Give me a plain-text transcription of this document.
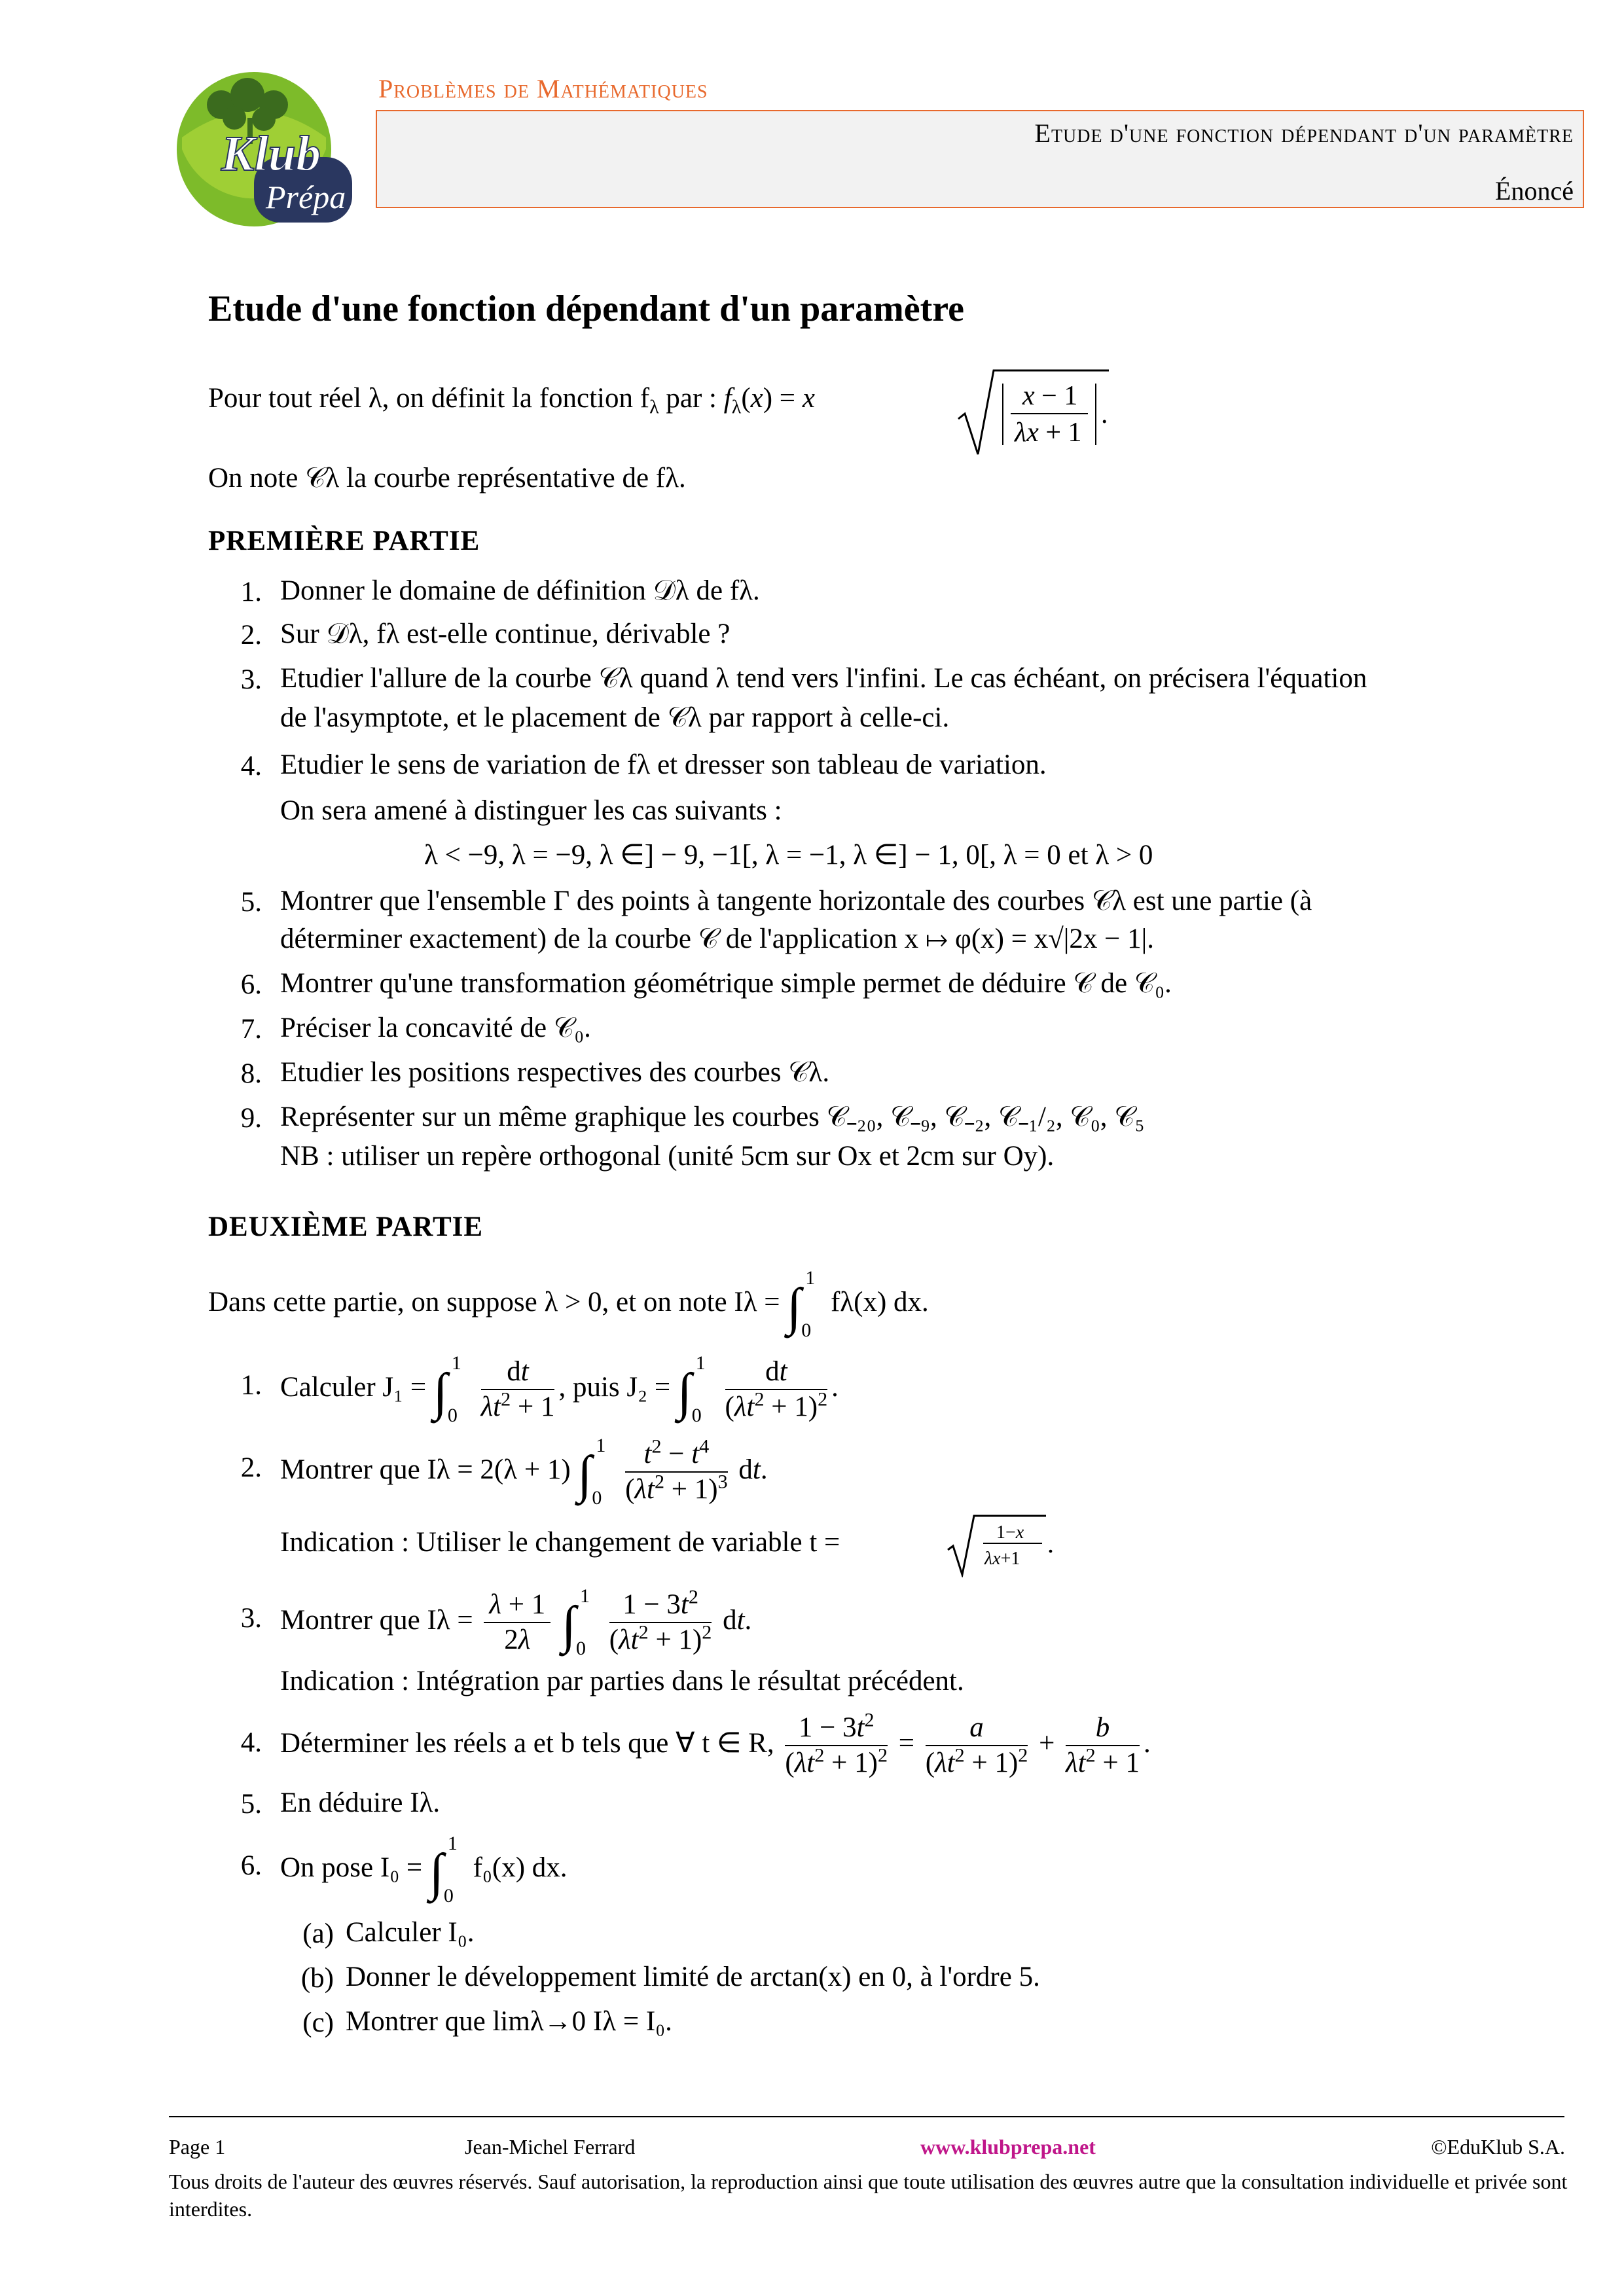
Klub
Prépa
Problèmes de Mathématiques
Etude d'une fonction dépendant d'un paramètre
Énoncé
Etude d'une fonction dépendant d'un paramètre
Pour tout réel λ, on définit la fonction $f_\lambda$ par : $f_\lambda(x) = x$	x − 1
λx + 1
.
On note 𝒞λ la courbe représentative de fλ.
PREMIÈRE PARTIE
1. Donner le domaine de définition 𝒟λ de fλ.
2. Sur 𝒟λ, fλ est-elle continue, dérivable ?
3. Etudier l'allure de la courbe 𝒞λ quand λ tend vers l'infini. Le cas échéant, on précisera l'équation
de l'asymptote, et le placement de 𝒞λ par rapport à celle-ci.
4. Etudier le sens de variation de fλ et dresser son tableau de variation.
On sera amené à distinguer les cas suivants :
λ < −9, λ = −9, λ ∈] − 9, −1[, λ = −1, λ ∈] − 1, 0[, λ = 0 et λ > 0
5. Montrer que l'ensemble Γ des points à tangente horizontale des courbes 𝒞λ est une partie (à
déterminer exactement) de la courbe 𝒞 de l'application x ↦ φ(x) = x√|2x − 1|.
6. Montrer qu'une transformation géométrique simple permet de déduire 𝒞 de 𝒞₀.
7. Préciser la concavité de 𝒞₀.
8. Etudier les positions respectives des courbes 𝒞λ.
9. Représenter sur un même graphique les courbes 𝒞₋₂₀, 𝒞₋₉, 𝒞₋₂, 𝒞₋₁/₂, 𝒞₀, 𝒞₅
NB : utiliser un repère orthogonal (unité 5cm sur Ox et 2cm sur Oy).
DEUXIÈME PARTIE
Dans cette partie, on suppose λ > 0, et on note Iλ = ∫
1
0
fλ(x) dx.
1. Calculer J₁ = ∫
1
0
$\frac{dt}{\lambda t^2 + 1}$ , puis J₂ = ∫
1
0
$\frac{dt}{(\lambda t^2 + 1)^2}$ .
2. Montrer que Iλ = 2(λ + 1) ∫
1
0
$\frac{t^2 - t^4}{(\lambda t^2 + 1)^3}$ dt.
Indication : Utiliser le changement de variable t =	1−x
λx+1
.
3. Montrer que $I\lambda = \frac{\lambda + 1}{2\lambda}$ ∫
1
0
$\frac{1 - 3t^2}{(\lambda t^2 + 1)^2}$ dt.
Indication : Intégration par parties dans le résultat précédent.
4. Déterminer les réels a et b tels que ∀ t ∈ R, $\frac{1 - 3t^2}{(\lambda t^2 + 1)^2} = \frac{a}{(\lambda t^2 + 1)^2} + \frac{b}{\lambda t^2 + 1}$ .
5. En déduire Iλ.
6. On pose I₀ = ∫
1
0
f₀(x) dx.
(a) Calculer I₀.
(b) Donner le développement limité de arctan(x) en 0, à l'ordre 5.
(c) Montrer que limλ→0 Iλ = I₀.
Page 1	Jean-Michel Ferrard	www.klubprepa.net	©EduKlub S.A.
Tous droits de l'auteur des œuvres réservés. Sauf autorisation, la reproduction ainsi que toute utilisation des œuvres autre que la consultation individuelle et privée sont interdites.
